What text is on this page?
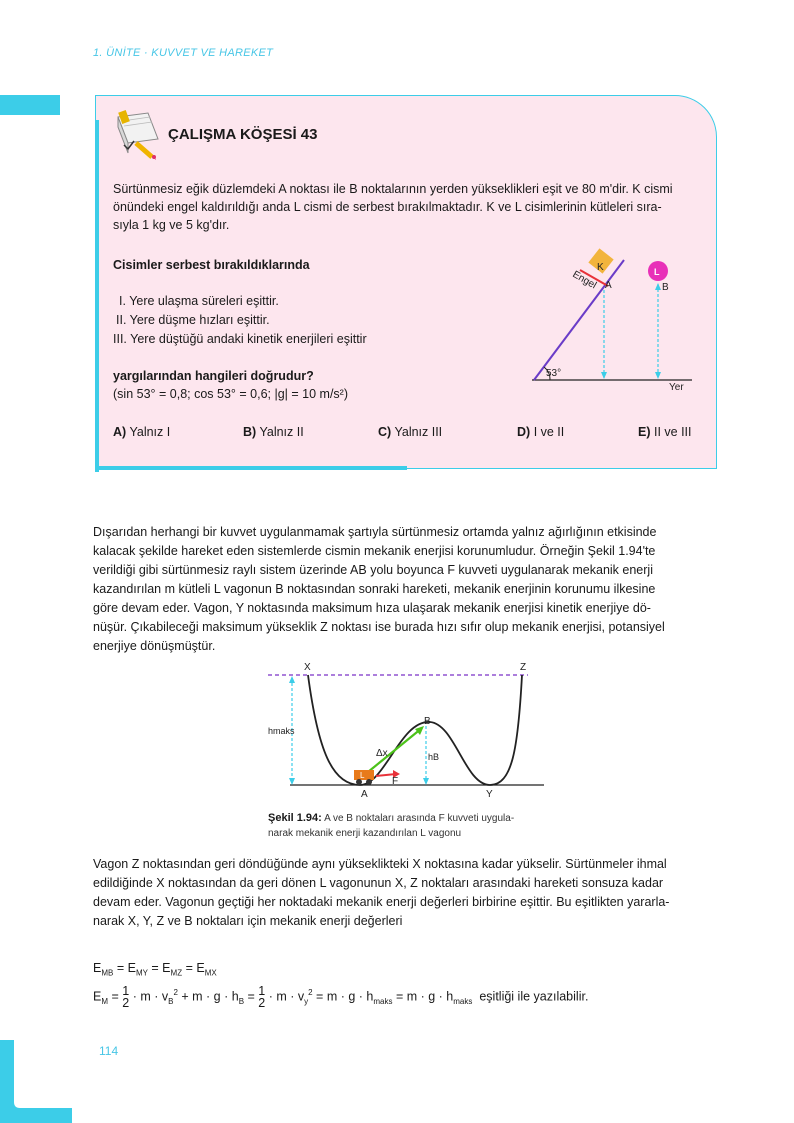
1. ÜNİTE · KUVVET VE HAREKET
ÇALIŞMA KÖŞESİ 43
Sürtünmesiz eğik düzlemdeki A noktası ile B noktalarının yerden yükseklikleri eşit ve 80 m'dir. K cismi
önündeki engel kaldırıldığı anda L cismi de serbest bırakılmaktadır. K ve L cisimlerinin kütleleri sıra-
sıyla 1 kg ve 5 kg'dır.
Cisimler serbest bırakıldıklarında
I. Yere ulaşma süreleri eşittir.
II. Yere düşme hızları eşittir.
III. Yere düştüğü andaki kinetik enerjileri eşittir
yargılarından hangileri doğrudur?
(sin 53° = 0,8; cos 53° = 0,6; |g| = 10 m/s²)
A) Yalnız I	B) Yalnız II	C) Yalnız III	D) I ve II	E) II ve III
K	L
A	B
Engel
53°
Yer
Dışarıdan herhangi bir kuvvet uygulanmamak şartıyla sürtünmesiz ortamda yalnız ağırlığının etkisinde
kalacak şekilde hareket eden sistemlerde cismin mekanik enerjisi korunumludur. Örneğin Şekil 1.94'te
verildiği gibi sürtünmesiz raylı sistem üzerinde AB yolu boyunca F kuvveti uygulanarak mekanik enerji
kazandırılan m kütleli L vagonun B noktasından sonraki hareketi, mekanik enerjinin korunumu ilkesine
göre devam eder. Vagon, Y noktasında maksimum hıza ulaşarak mekanik enerjisi kinetik enerjiye dö-
nüşür. Çıkabileceği maksimum yükseklik Z noktası ise burada hızı sıfır olup mekanik enerjisi, potansiyel
enerjiye dönüşmüştür.
X	Z
B
A	Y
hmaks
hB
Δx
F
L
Şekil 1.94: A ve B noktaları arasında F kuvveti uygula-
narak mekanik enerji kazandırılan L vagonu
Vagon Z noktasından geri döndüğünde aynı yükseklikteki X noktasına kadar yükselir. Sürtünmeler ihmal
edildiğinde X noktasından da geri dönen L vagonunun X, Z noktaları arasındaki hareketi sonsuza kadar
devam eder. Vagonun geçtiği her noktadaki mekanik enerji değerleri birbirine eşittir. Bu eşitlikten yararla-
narak X, Y, Z ve B noktaları için mekanik enerji değerleri
$E_{MB} = E_{MY} = E_{MZ} = E_{MX}$
$E_M = 1$
$2 \cdot m \cdot v_B^2 + m \cdot g \cdot h_B = 1$
$2 \cdot m \cdot v_y^2 = m \cdot g \cdot h_{maks} = m \cdot g \cdot h_{maks}$ eşitliği ile yazılabilir.
114
